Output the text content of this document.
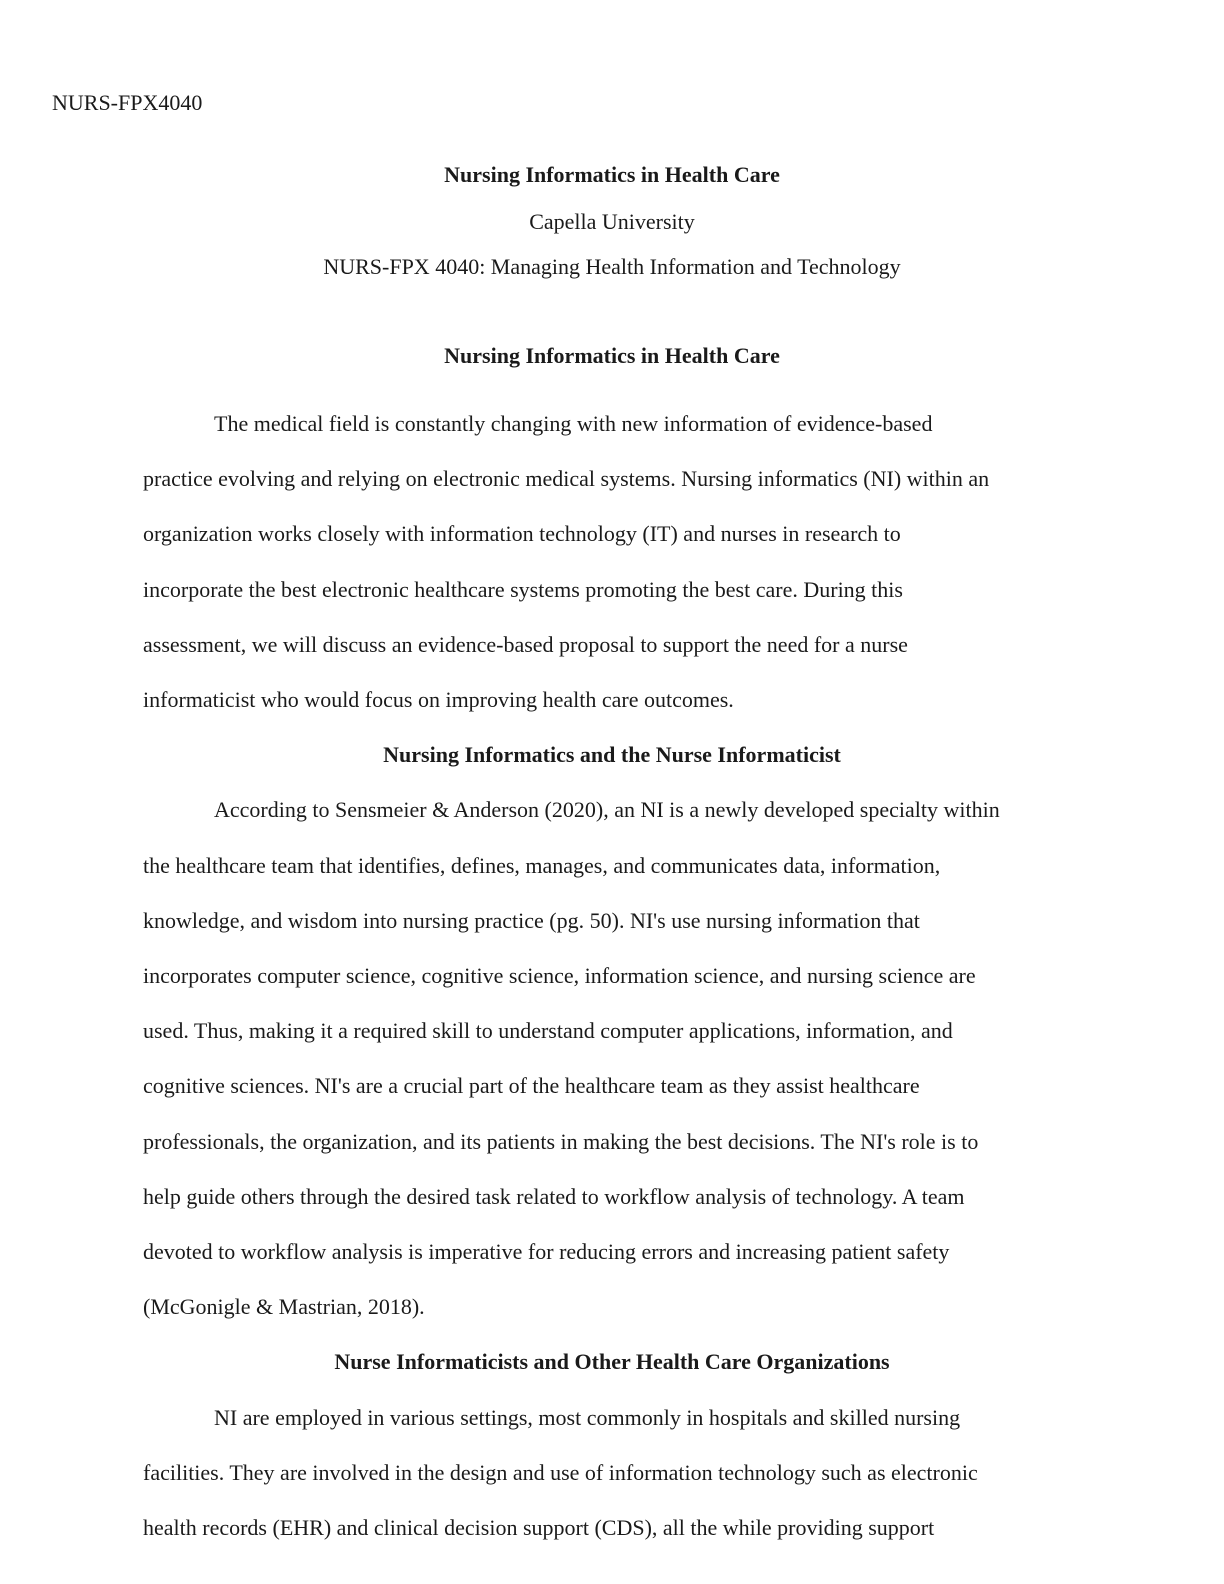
NURS-FPX4040
Nursing Informatics in Health Care
Capella University
NURS-FPX 4040: Managing Health Information and Technology
Nursing Informatics in Health Care
The medical field is constantly changing with new information of evidence-based
practice evolving and relying on electronic medical systems. Nursing informatics (NI) within an
organization works closely with information technology (IT) and nurses in research to
incorporate the best electronic healthcare systems promoting the best care. During this
assessment, we will discuss an evidence-based proposal to support the need for a nurse
informaticist who would focus on improving health care outcomes.
Nursing Informatics and the Nurse Informaticist
According to Sensmeier & Anderson (2020), an NI is a newly developed specialty within
the healthcare team that identifies, defines, manages, and communicates data, information,
knowledge, and wisdom into nursing practice (pg. 50). NI's use nursing information that
incorporates computer science, cognitive science, information science, and nursing science are
used. Thus, making it a required skill to understand computer applications, information, and
cognitive sciences. NI's are a crucial part of the healthcare team as they assist healthcare
professionals, the organization, and its patients in making the best decisions. The NI's role is to
help guide others through the desired task related to workflow analysis of technology. A team
devoted to workflow analysis is imperative for reducing errors and increasing patient safety
(McGonigle & Mastrian, 2018).
Nurse Informaticists and Other Health Care Organizations
NI are employed in various settings, most commonly in hospitals and skilled nursing
facilities. They are involved in the design and use of information technology such as electronic
health records (EHR) and clinical decision support (CDS), all the while providing support
